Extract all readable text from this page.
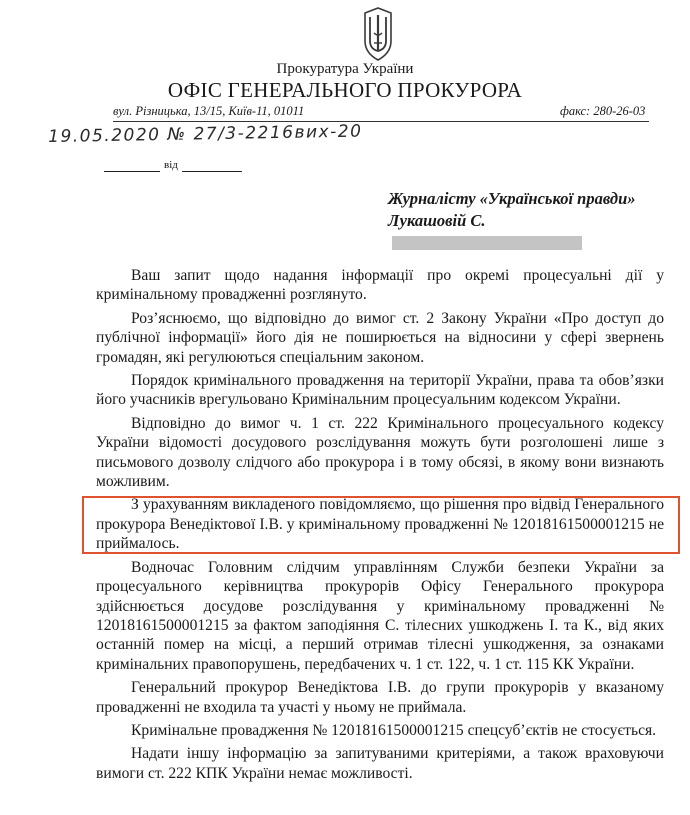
Прокуратура України
ОФІС ГЕНЕРАЛЬНОГО ПРОКУРОРА
вул. Різницька, 13/15, Київ-11, 01011	факс: 280-26-03
19.05.2020 № 27/3-2216вих-20
від
Журналісту «Української правди»
Лукашовій С.

Ваш запит щодо надання інформації про окремі процесуальні дії у кримінальному провадженні розглянуто.

Роз’яснюємо, що відповідно до вимог ст. 2 Закону України «Про доступ до публічної інформації» його дія не поширюється на відносини у сфері звернень громадян, які регулюються спеціальним законом.

Порядок кримінального провадження на території України, права та обов’язки його учасників врегульовано Кримінальним процесуальним кодексом України.

Відповідно до вимог ч. 1 ст. 222 Кримінального процесуального кодексу України відомості досудового розслідування можуть бути розголошені лише з письмового дозволу слідчого або прокурора і в тому обсязі, в якому вони визнають можливим.

З урахуванням викладеного повідомляємо, що рішення про відвід Генерального прокурора Венедіктової І.В. у кримінальному провадженні № 12018161500001215 не приймалось.

Водночас Головним слідчим управлінням Служби безпеки України за процесуального керівництва прокурорів Офісу Генерального прокурора здійснюється досудове розслідування у кримінальному провадженні № 12018161500001215 за фактом заподіяння С. тілесних ушкоджень І. та К., від яких останній помер на місці, а перший отримав тілесні ушкодження, за ознаками кримінальних правопорушень, передбачених ч. 1 ст. 122, ч. 1 ст. 115 КК України.

Генеральний прокурор Венедіктова І.В. до групи прокурорів у вказаному провадженні не входила та участі у ньому не приймала.

Кримінальне провадження № 12018161500001215 спецсуб’єктів не стосується.

Надати іншу інформацію за запитуваними критеріями, а також враховуючи вимоги ст. 222 КПК України немає можливості.
